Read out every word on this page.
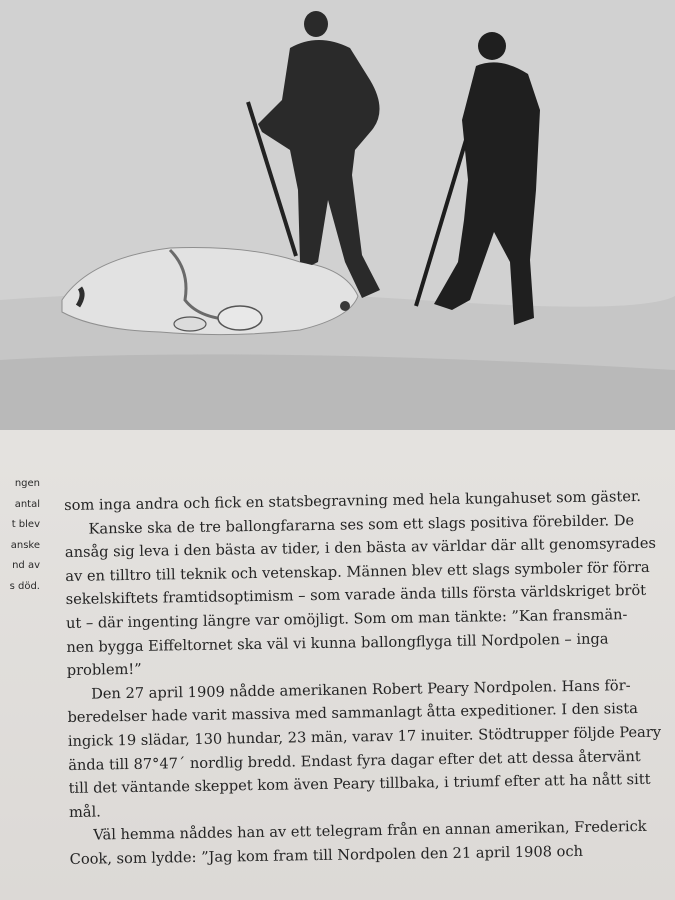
ngen
antal
t blev
anske
nd av
s död.
som inga andra och fick en statsbegravning med hela kungahuset som gäster.
Kanske ska de tre ballongfararna ses som ett slags positiva förebilder. De
ansåg sig leva i den bästa av tider, i den bästa av världar där allt genomsyrades
av en tilltro till teknik och vetenskap. Männen blev ett slags symboler för förra
sekelskiftets framtidsoptimism – som varade ända tills första världskriget bröt
ut – där ingenting längre var omöjligt. Som om man tänkte: ”Kan fransmän-
nen bygga Eiffeltornet ska väl vi kunna ballongflyga till Nordpolen – inga
problem!”
Den 27 april 1909 nådde amerikanen Robert Peary Nordpolen. Hans för-
beredelser hade varit massiva med sammanlagt åtta expeditioner. I den sista
ingick 19 slädar, 130 hundar, 23 män, varav 17 inuiter. Stödtrupper följde Peary
ända till 87°47´ nordlig bredd. Endast fyra dagar efter det att dessa återvänt
till det väntande skeppet kom även Peary tillbaka, i triumf efter att ha nått sitt
mål.
Väl hemma nåddes han av ett telegram från en annan amerikan, Frederick
Cook, som lydde: ”Jag kom fram till Nordpolen den 21 april 1908 och
